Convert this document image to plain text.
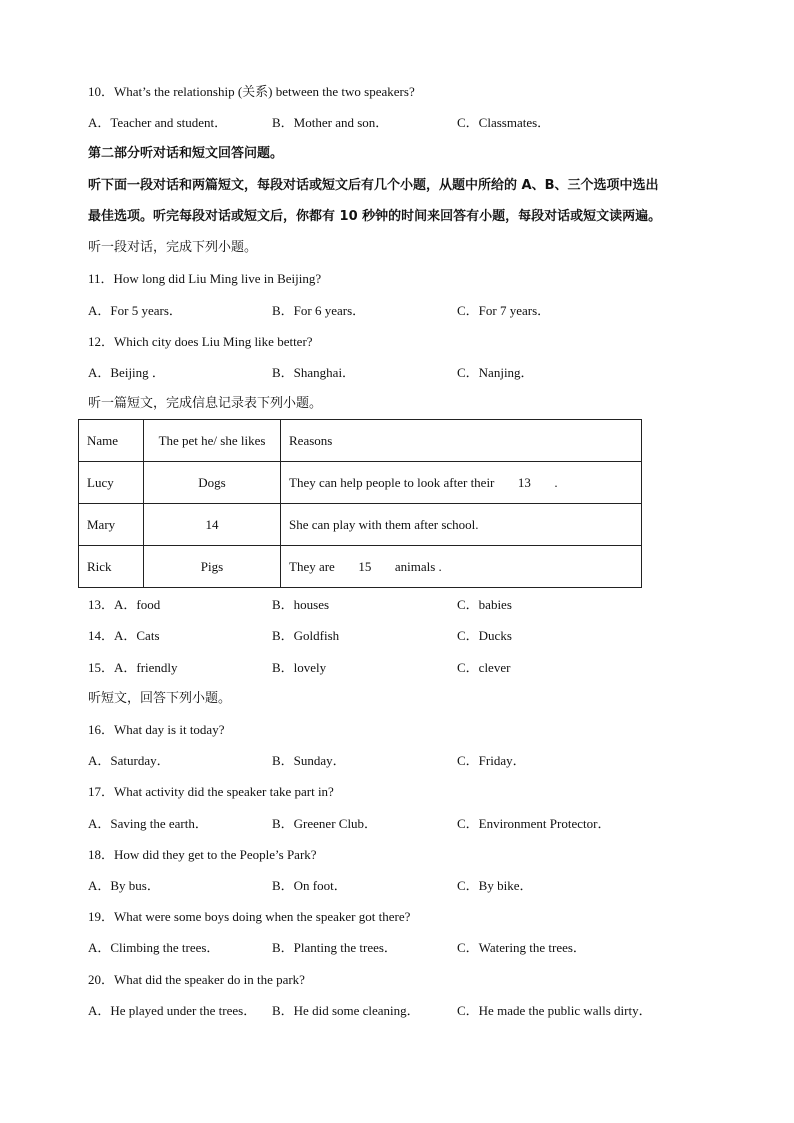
10．What’s the relationship (关系) between the two speakers?
A．Teacher and student．	B．Mother and son．	C．Classmates．
第二部分听对话和短文回答问题。
听下面一段对话和两篇短文，每段对话或短文后有几个小题，从题中所给的 A、B、三个选项中选出
最佳选项。听完每段对话或短文后，你都有 10 秒钟的时间来回答有小题，每段对话或短文读两遍。
听一段对话，完成下列小题。
11．How long did Liu Ming live in Beijing?
A．For 5 years．	B．For 6 years．	C．For 7 years．
12．Which city does Liu Ming like better?
A．Beijing ．	B．Shanghai．	C．Nanjing．
听一篇短文，完成信息记录表下列小题。
Name	The pet he/ she likes	Reasons
Lucy	Dogs	They can help people to look after their 13 .
Mary	14	She can play with them after school.
Rick	Pigs	They are 15 animals .
13．A．food	B．houses	C．babies
14．A．Cats	B．Goldfish	C．Ducks
15．A．friendly	B．lovely	C．clever
听短文，回答下列小题。
16．What day is it today?
A．Saturday．	B．Sunday．	C．Friday．
17．What activity did the speaker take part in?
A．Saving the earth．	B．Greener Club．	C．Environment Protector．
18．How did they get to the People’s Park?
A．By bus．	B．On foot．	C．By bike．
19．What were some boys doing when the speaker got there?
A．Climbing the trees．	B．Planting the trees．	C．Watering the trees．
20．What did the speaker do in the park?
A．He played under the trees． B．He did some cleaning．	C．He made the public walls dirty．
